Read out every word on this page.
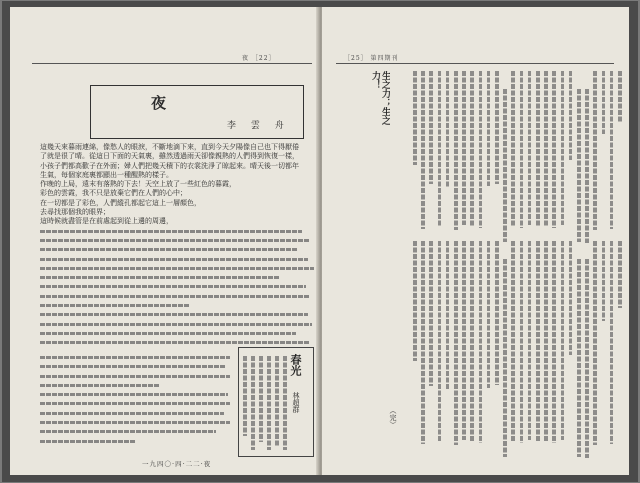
夜 ［22］
夜
李 雲 舟

這幾天來暮雨連綿，像愁人的眼淚，不斷地滴下來，直到今天夕陽像自己也下得厭倦

了就是很了晴。從這日下面的天氣裏，雖然透過雨天卻像親熱的人們得到恢復一樣，

小孩子們都高歡子在外面；婦人們把幾天積下的衣裳洗淨了晾起來。晴天後一切都年

生氣，每個家庭裏都顯出一種醒熱的樣子。

作晚的上局，遠末有落熱的下去！天空上放了一些紅色的暮霞，

彩色的雲霞，我不只是放棄它們在人們的心中；

在一切都是了彩色，人們縱孔都起它這上一層顏色，

去尋找那個我的眼界；

這時候就盡管是在前處起到從上邊的周邊，

春光
林超群
一九四〇·四·二二·夜
［25］ 第四期刊
生之力；生之力！
（完）
